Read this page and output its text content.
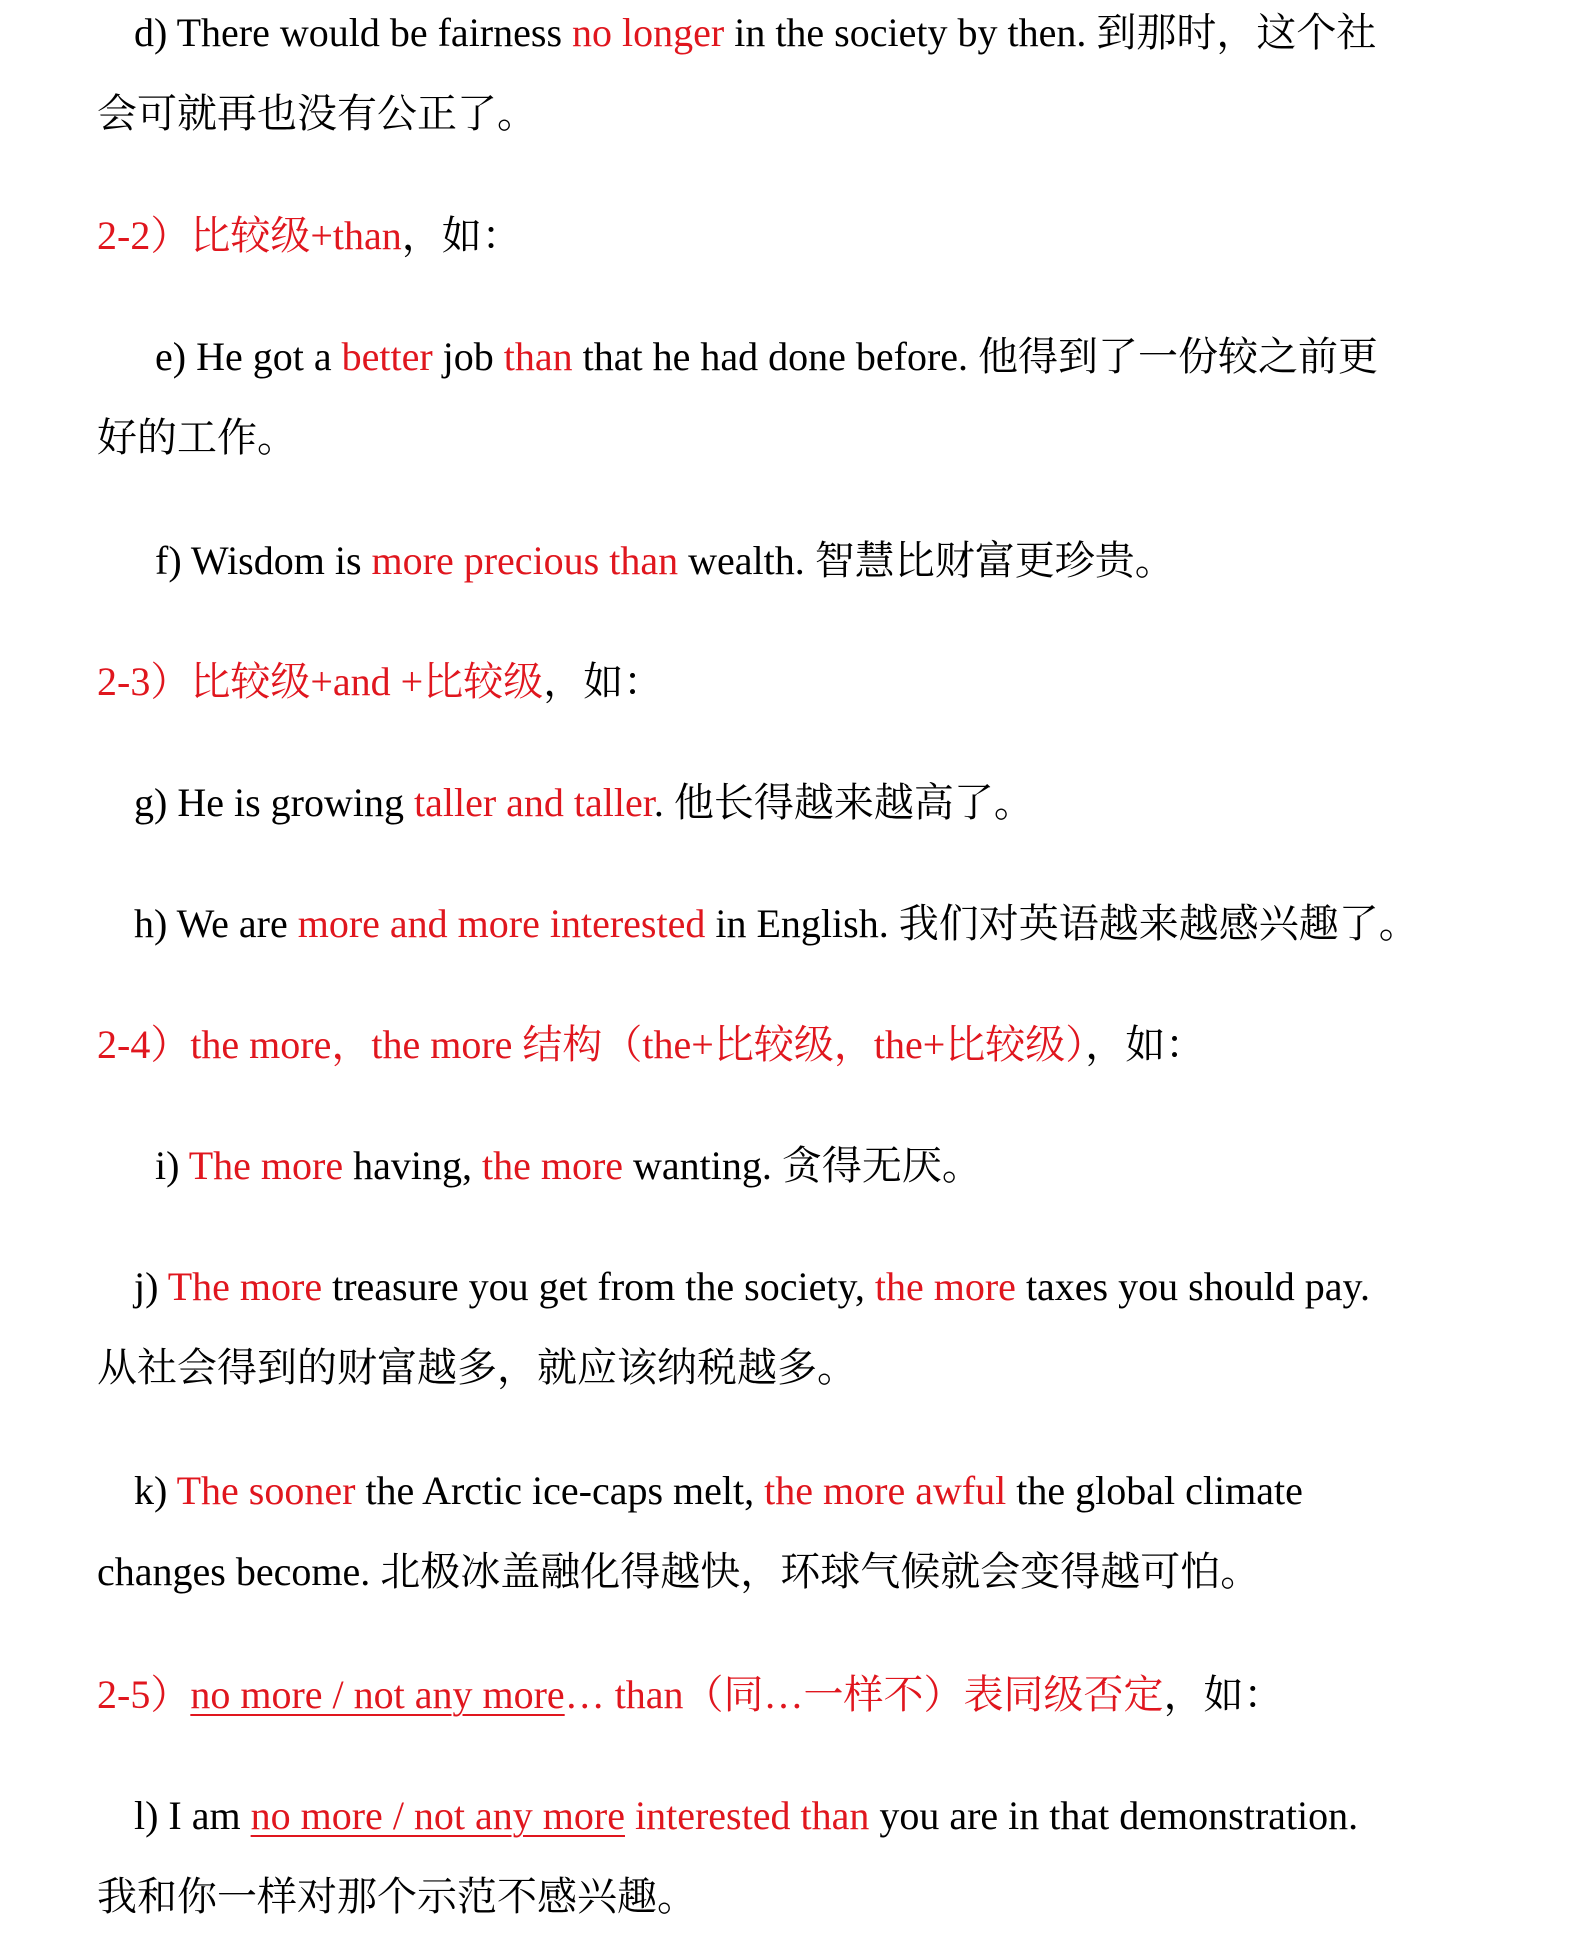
d) There would be fairness no longer in the society by then. 到那时，这个社
会可就再也没有公正了。
2-2）比较级+than，如：
e) He got a better job than that he had done before. 他得到了一份较之前更
好的工作。
f) Wisdom is more precious than wealth. 智慧比财富更珍贵。
2-3）比较级+and +比较级，如：
g) He is growing taller and taller. 他长得越来越高了。
h) We are more and more interested in English. 我们对英语越来越感兴趣了。
2-4）the more，the more 结构（the+比较级，the+比较级），如：
i) The more having, the more wanting. 贪得无厌。
j) The more treasure you get from the society, the more taxes you should pay.
从社会得到的财富越多，就应该纳税越多。
k) The sooner the Arctic ice-caps melt, the more awful the global climate
changes become. 北极冰盖融化得越快，环球气候就会变得越可怕。
2-5）no more / not any more… than（同…一样不）表同级否定，如：
l) I am no more / not any more interested than you are in that demonstration.
我和你一样对那个示范不感兴趣。
